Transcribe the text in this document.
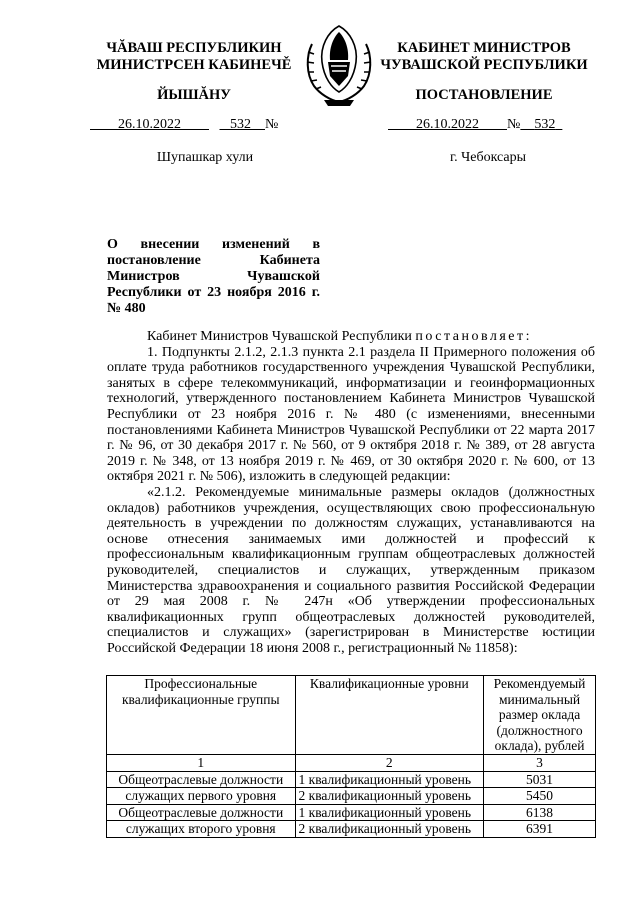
ЧĂВАШ РЕСПУБЛИКИН
МИНИСТРСЕН КАБИНЕЧĚ
КАБИНЕТ МИНИСТРОВ
ЧУВАШСКОЙ РЕСПУБЛИКИ
ЙЫШĂНУ	ПОСТАНОВЛЕНИЕ
26.10.2022	532 №	26.10.2022 № 532
Шупашкар хули	г. Чебоксары
О внесении изменений в постановление Кабинета Министров Чувашской Республики от 23 ноября 2016 г. № 480

Кабинет Министров Чувашской Республики постановляет:

1. Подпункты 2.1.2, 2.1.3 пункта 2.1 раздела II Примерного положения об оплате труда работников государственного учреждения Чувашской Республики, занятых в сфере телекоммуникаций, информатизации и геоинформационных технологий, утвержденного постановлением Кабинета Министров Чувашской Республики от 23 ноября 2016 г. № 480 (с изменениями, внесенными постановлениями Кабинета Министров Чувашской Республики от 22 марта 2017 г. № 96, от 30 декабря 2017 г. № 560, от 9 октября 2018 г. № 389, от 28 августа 2019 г. № 348, от 13 ноября 2019 г. № 469, от 30 октября 2020 г. № 600, от 13 октября 2021 г. № 506), изложить в следующей редакции:

«2.1.2. Рекомендуемые минимальные размеры окладов (должностных окладов) работников учреждения, осуществляющих свою профессиональную деятельность в учреждении по должностям служащих, устанавливаются на основе отнесения занимаемых ими должностей и профессий к профессиональным квалификационным группам общеотраслевых должностей руководителей, специалистов и служащих, утвержденным приказом Министерства здравоохранения и социального развития Российской Федерации от 29 мая 2008 г. № 247н «Об утверждении профессиональных квалификационных групп общеотраслевых должностей руководителей, специалистов и служащих» (зарегистрирован в Министерстве юстиции Российской Федерации 18 июня 2008 г., регистрационный № 11858):

Профессиональные квалификационные группы	Квалификационные уровни	Рекомендуемый минимальный размер оклада (должностного оклада), рублей
1	2	3
Общеотраслевые должности	1 квалификационный уровень	5031
служащих первого уровня	2 квалификационный уровень	5450
Общеотраслевые должности	1 квалификационный уровень	6138
служащих второго уровня	2 квалификационный уровень	6391
